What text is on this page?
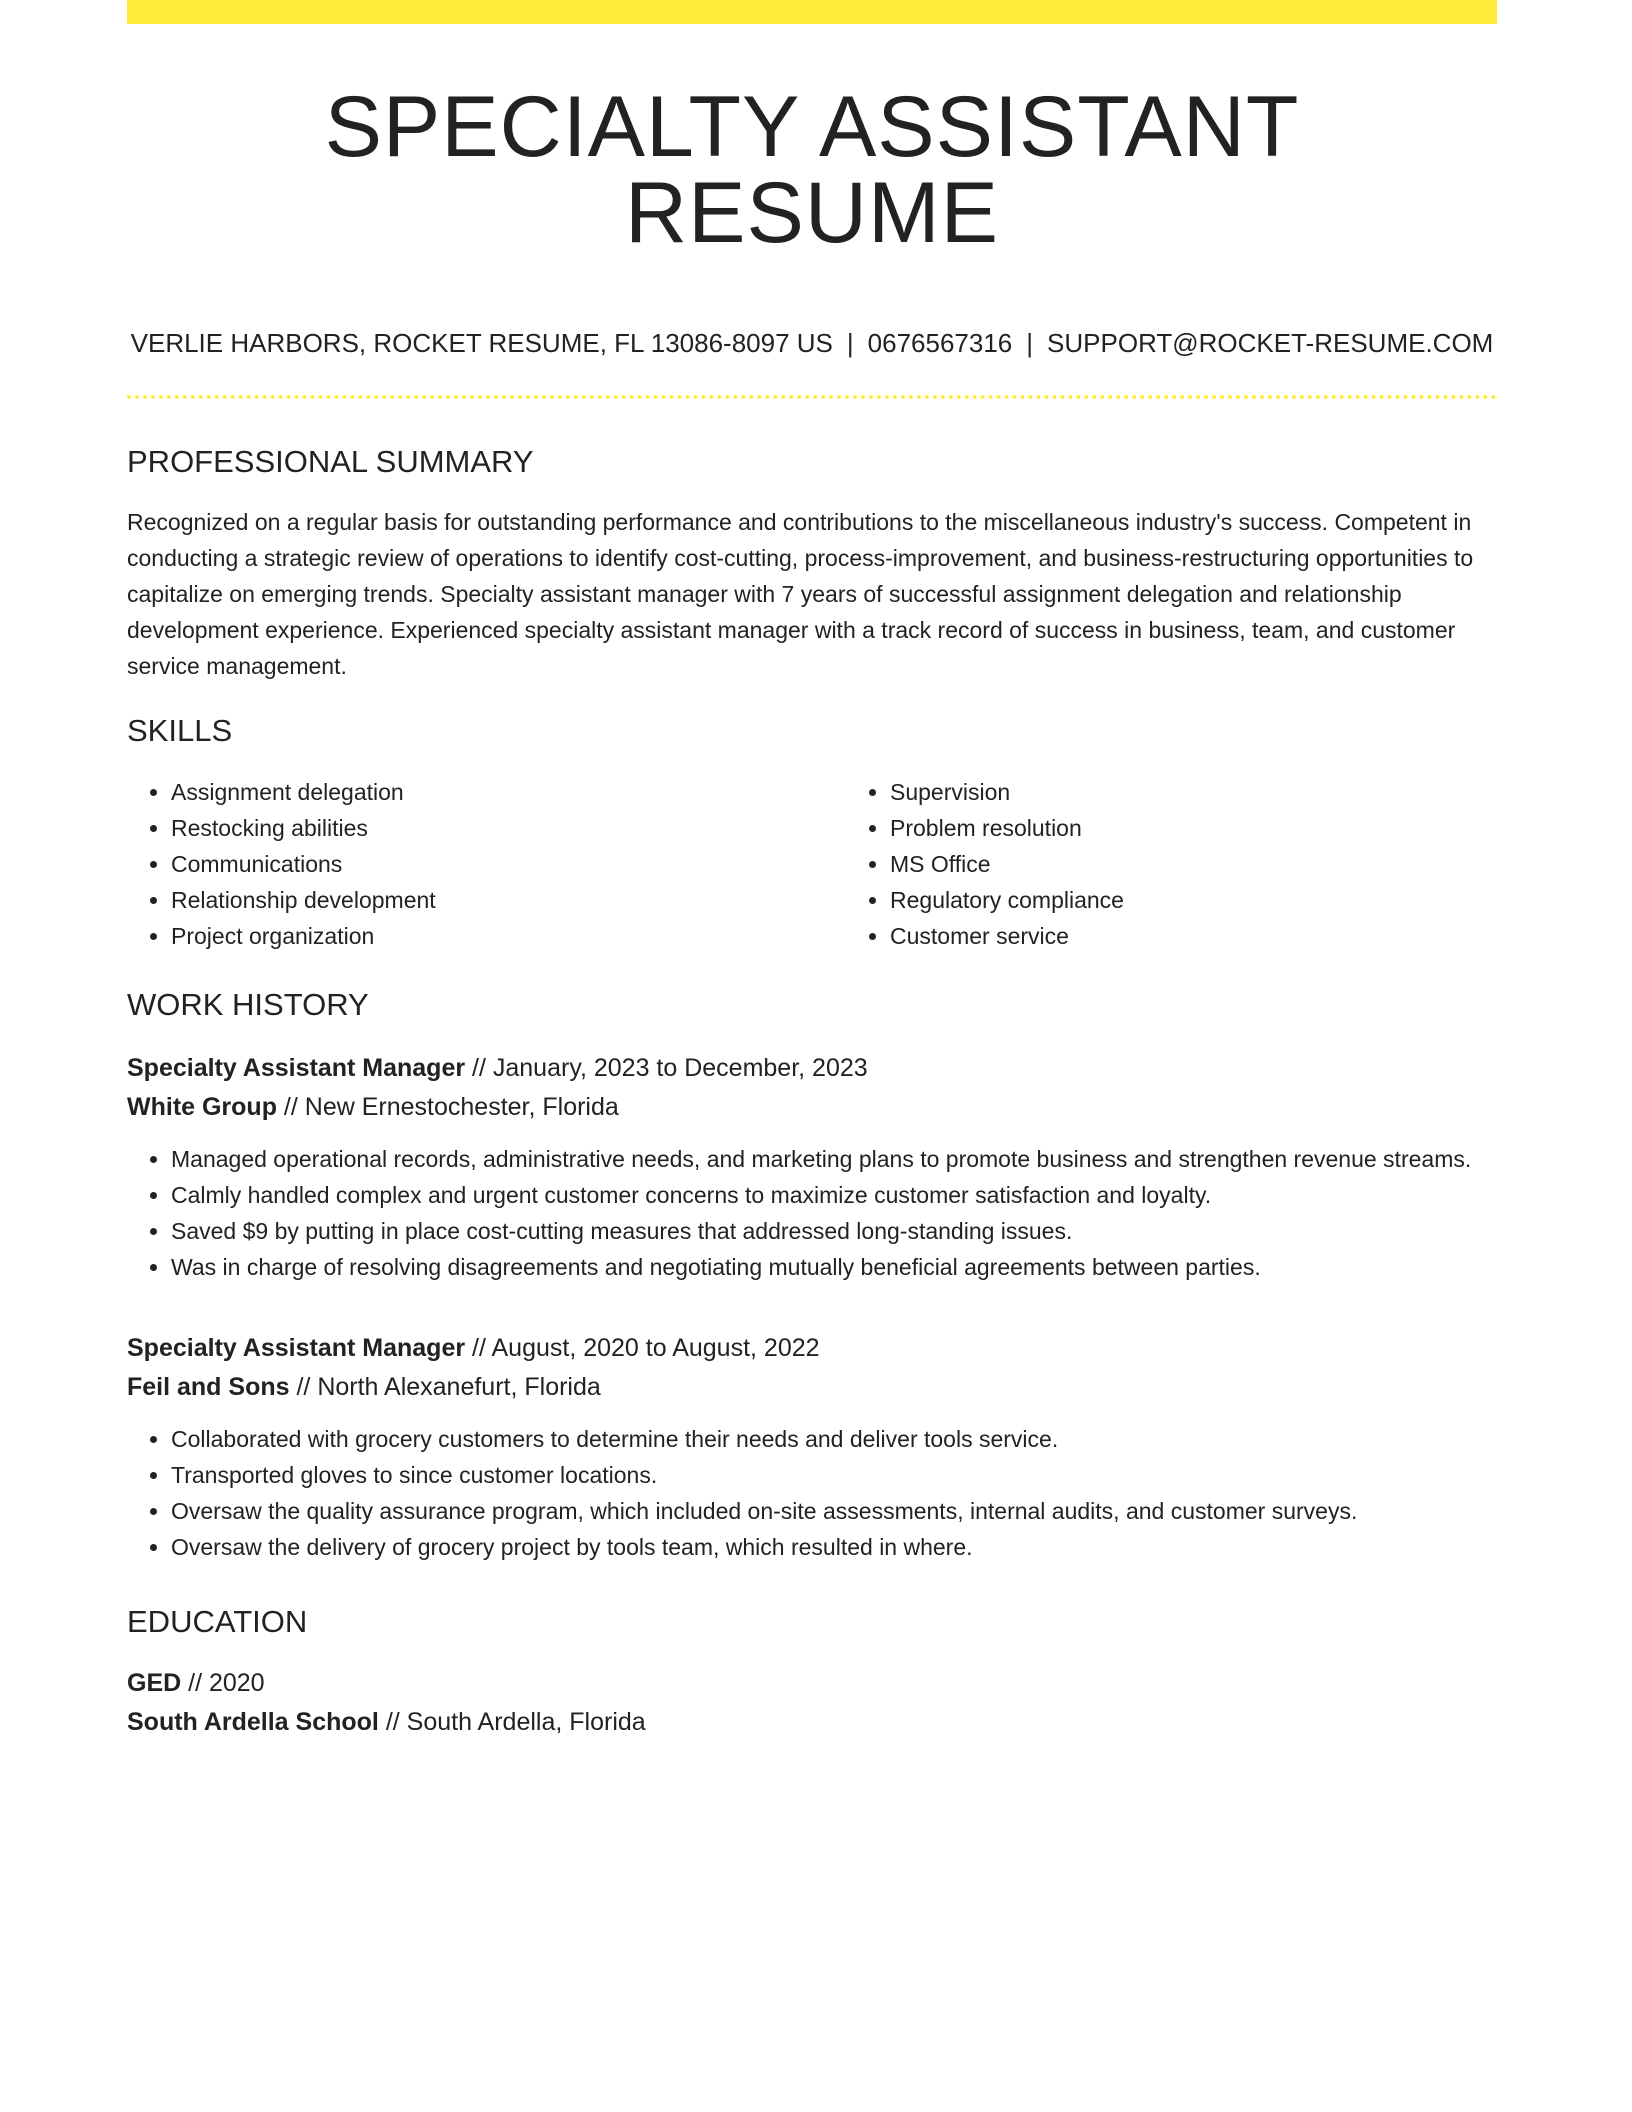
SPECIALTY ASSISTANT RESUME
VERLIE HARBORS, ROCKET RESUME, FL 13086-8097 US | 0676567316 | SUPPORT@ROCKET-RESUME.COM
PROFESSIONAL SUMMARY

Recognized on a regular basis for outstanding performance and contributions to the miscellaneous industry's success. Competent in conducting a strategic review of operations to identify cost-cutting, process-improvement, and business-restructuring opportunities to capitalize on emerging trends. Specialty assistant manager with 7 years of successful assignment delegation and relationship development experience. Experienced specialty assistant manager with a track record of success in business, team, and customer service management.

SKILLS
• Assignment delegation
• Restocking abilities
• Communications
• Relationship development
• Project organization
• Supervision
• Problem resolution
• MS Office
• Regulatory compliance
• Customer service
WORK HISTORY
Specialty Assistant Manager // January, 2023 to December, 2023
White Group // New Ernestochester, Florida
• Managed operational records, administrative needs, and marketing plans to promote business and strengthen revenue streams.
• Calmly handled complex and urgent customer concerns to maximize customer satisfaction and loyalty.
• Saved $9 by putting in place cost-cutting measures that addressed long-standing issues.
• Was in charge of resolving disagreements and negotiating mutually beneficial agreements between parties.
Specialty Assistant Manager // August, 2020 to August, 2022
Feil and Sons // North Alexanefurt, Florida
• Collaborated with grocery customers to determine their needs and deliver tools service.
• Transported gloves to since customer locations.
• Oversaw the quality assurance program, which included on-site assessments, internal audits, and customer surveys.
• Oversaw the delivery of grocery project by tools team, which resulted in where.
EDUCATION
GED // 2020
South Ardella School // South Ardella, Florida
